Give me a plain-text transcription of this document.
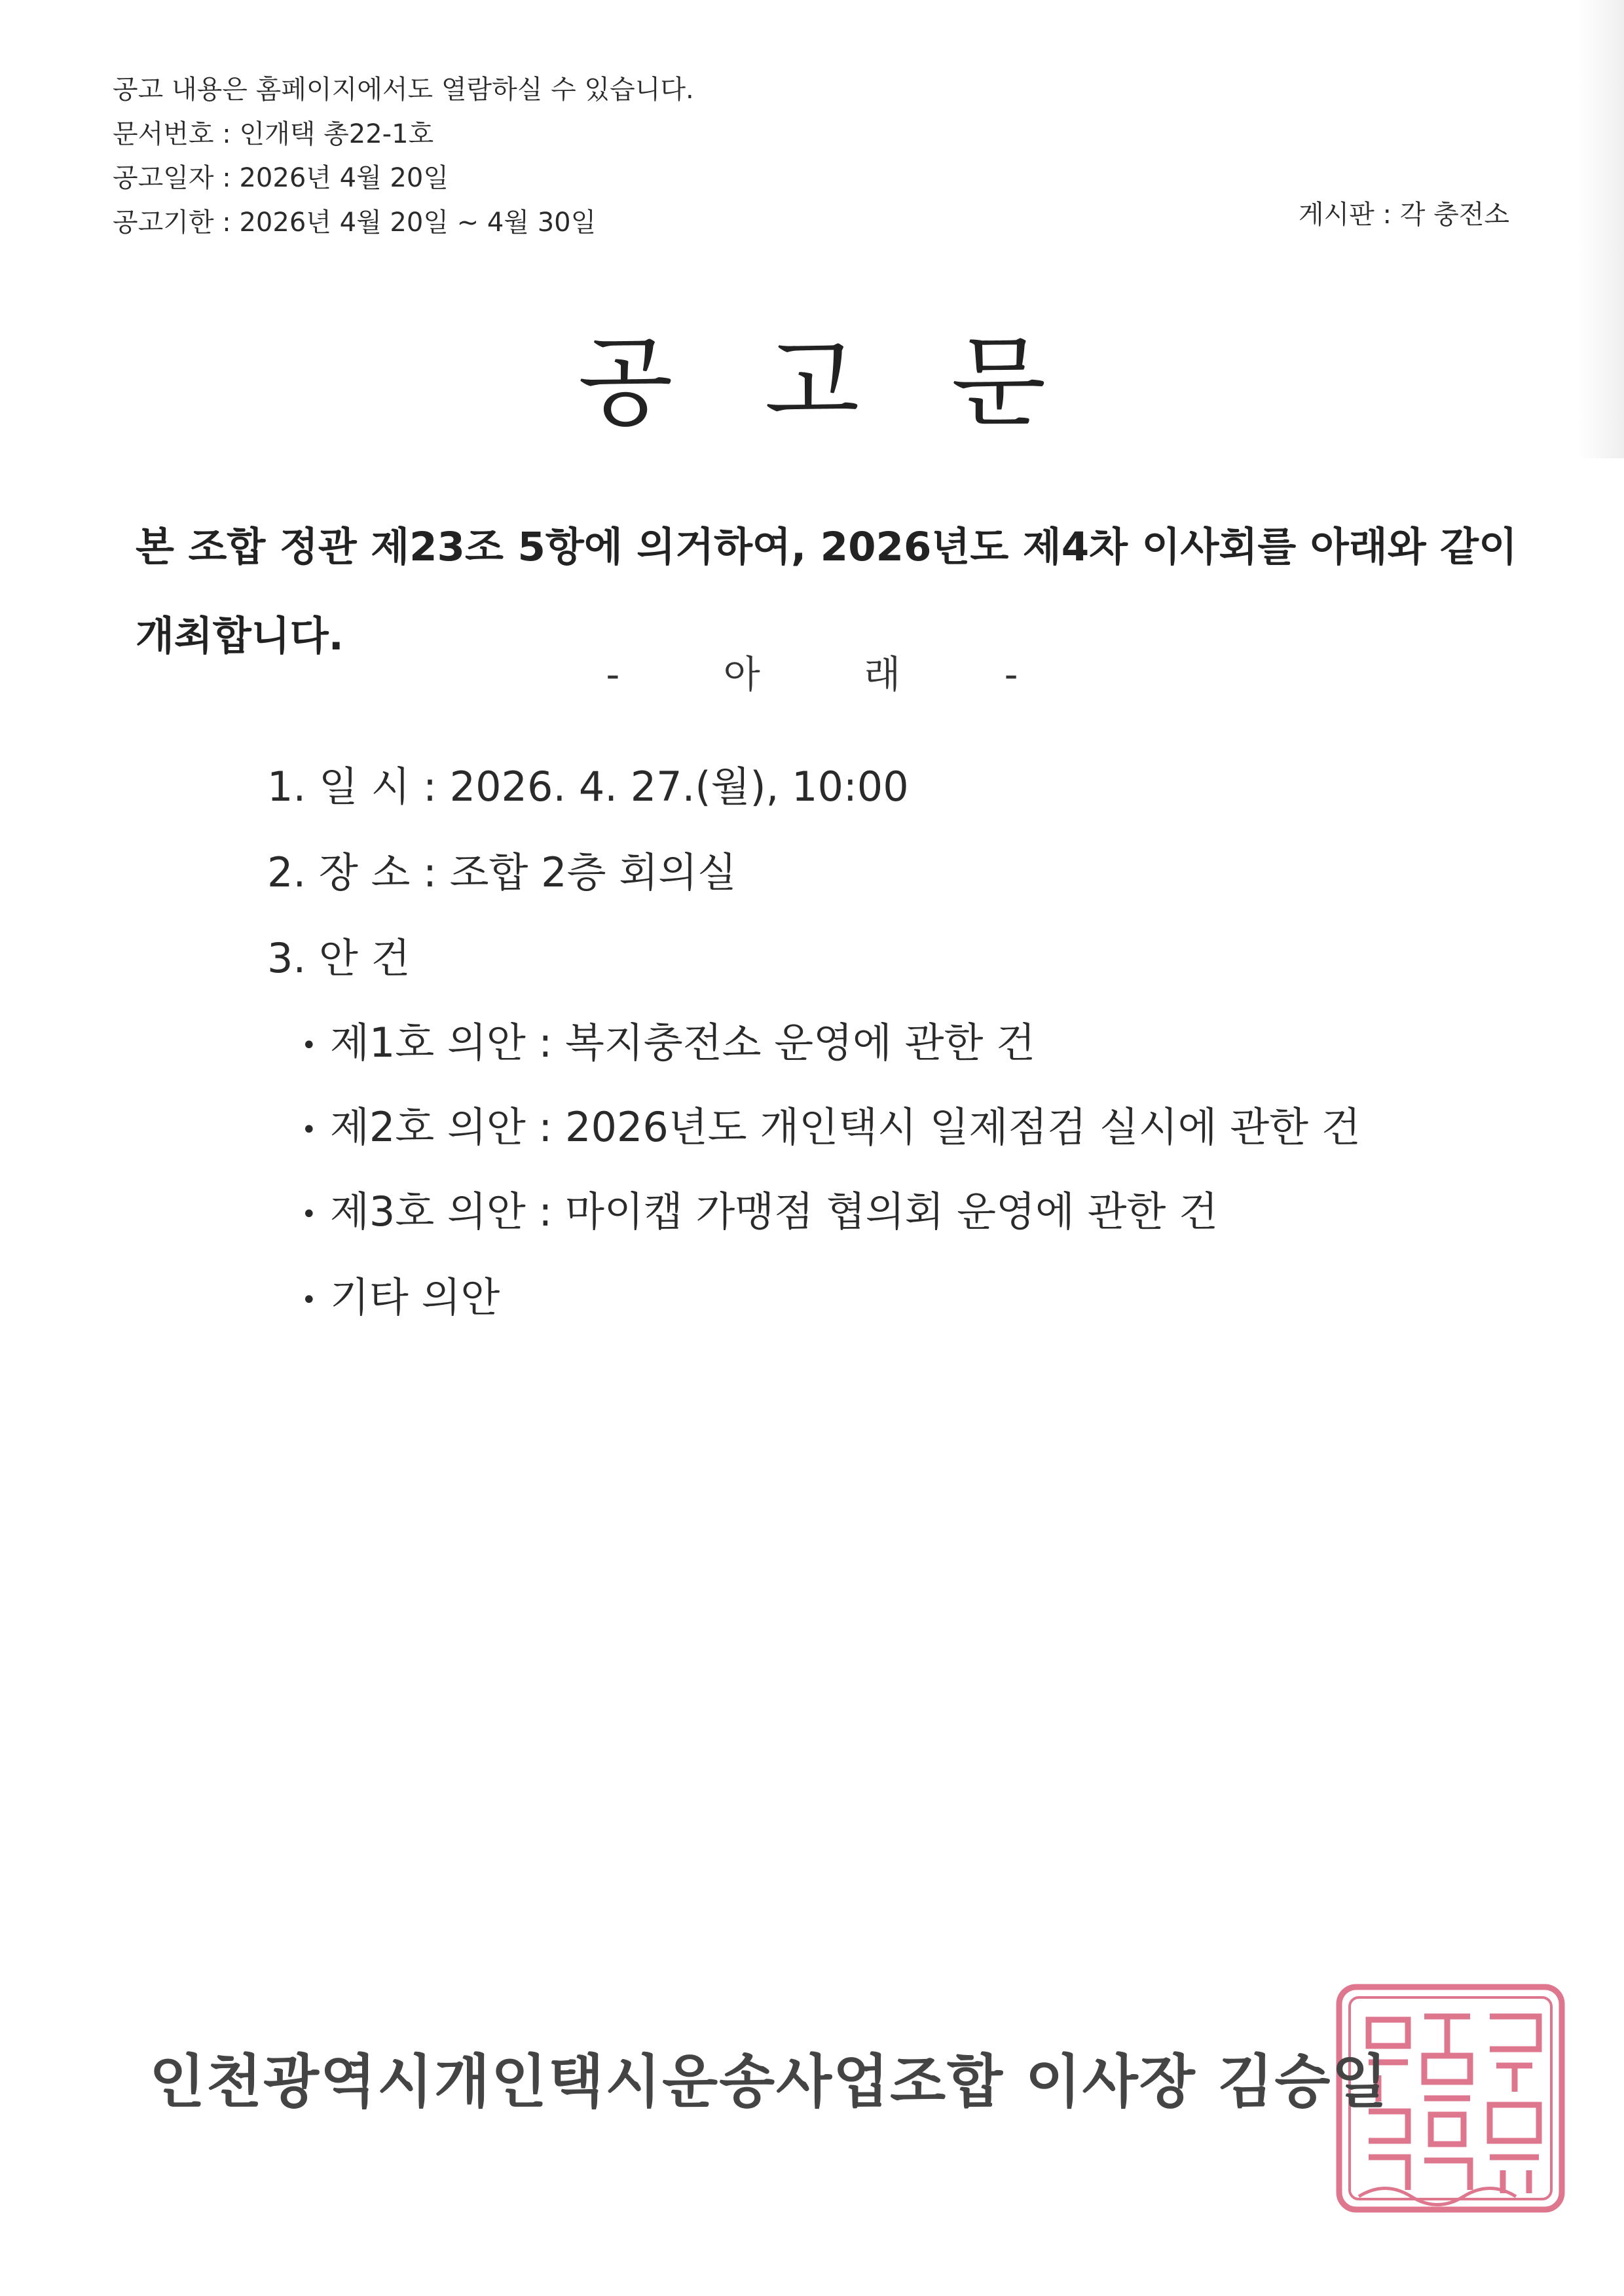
공고 내용은 홈페이지에서도 열람하실 수 있습니다.
문서번호 : 인개택 총22-1호
공고일자 : 2026년 4월 20일
공고기한 : 2026년 4월 20일 ~ 4월 30일	게시판 : 각 충전소
공고문
본 조합 정관 제23조 5항에 의거하여, 2026년도 제4차 이사회를 아래와 같이 개최합니다.
- 아 래 -
1. 일 시 : 2026. 4. 27.(월), 10:00
2. 장 소 : 조합 2층 회의실
3. 안 건
• 제1호 의안 : 복지충전소 운영에 관한 건
• 제2호 의안 : 2026년도 개인택시 일제점검 실시에 관한 건
• 제3호 의안 : 마이캡 가맹점 협의회 운영에 관한 건
• 기타 의안
인천광역시개인택시운송사업조합 이사장 김승일
